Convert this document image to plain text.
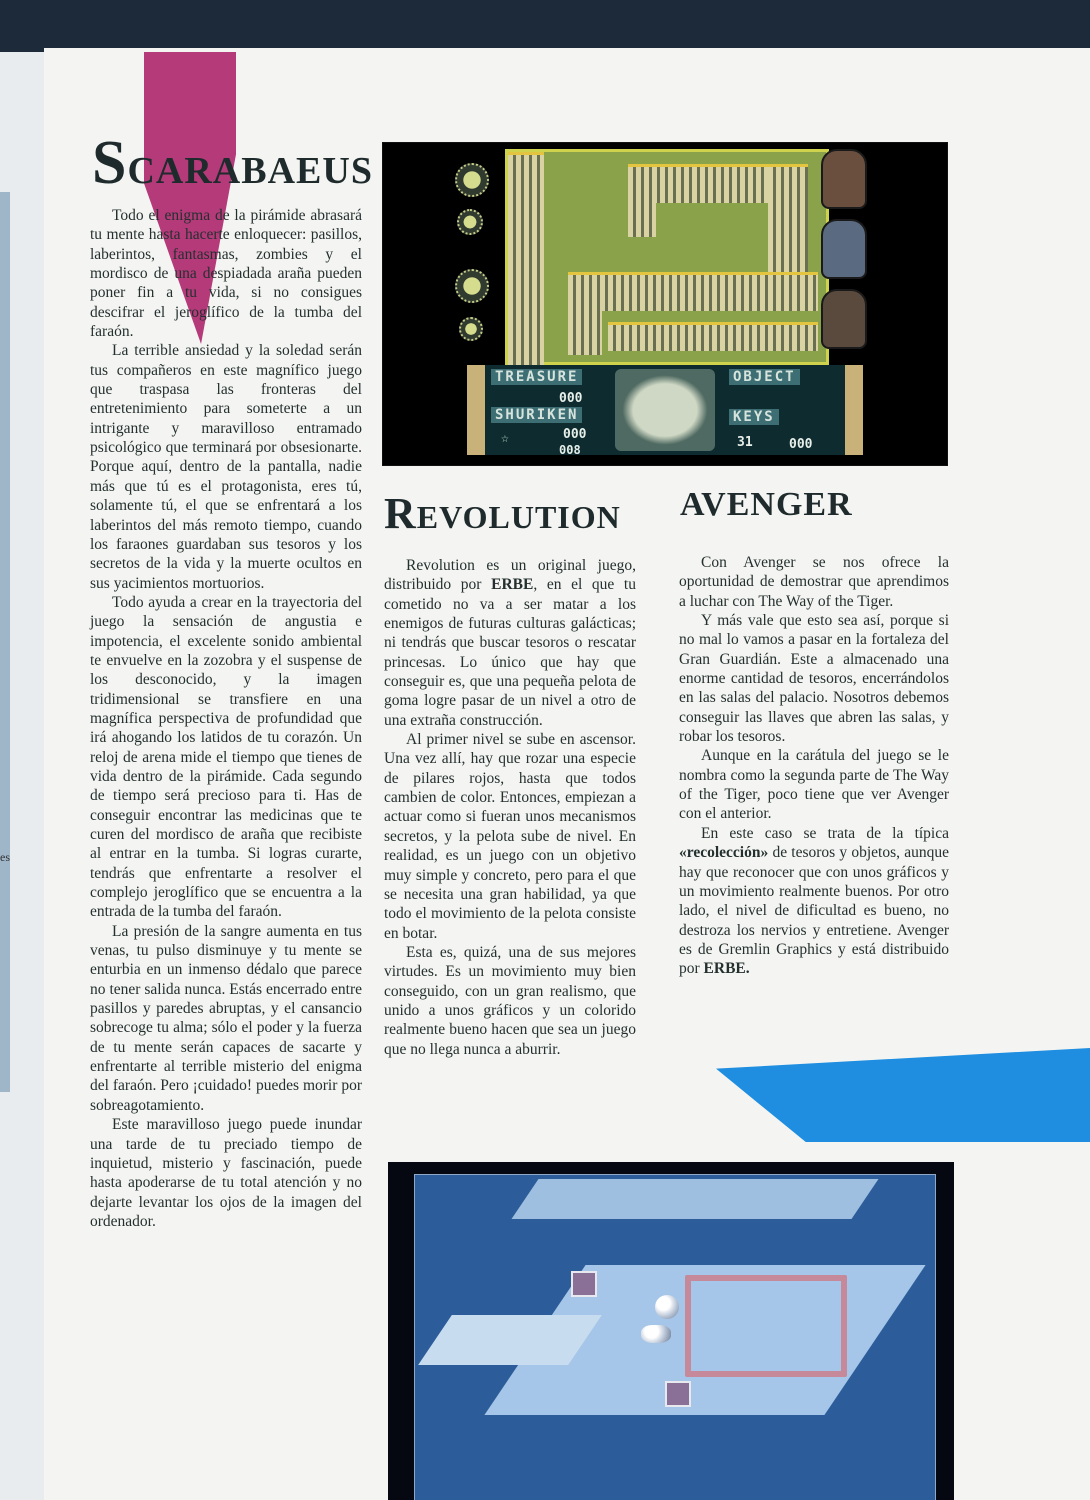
es
SCARABAEUS

Todo el enigma de la pirámide abrasará tu mente hasta hacerte enloquecer: pasillos, laberintos, fantasmas, zombies y el mordisco de una despiadada araña pueden poner fin a tu vida, si no consigues descifrar el jeroglífico de la tumba del faraón.

La terrible ansiedad y la soledad serán tus compañeros en este magnífico juego que traspasa las fronteras del entretenimiento para someterte a un intrigante y maravilloso entramado psicológico que terminará por obsesionarte. Porque aquí, dentro de la pantalla, nadie más que tú es el protagonista, eres tú, solamente tú, el que se enfrentará a los laberintos del más remoto tiempo, cuando los faraones guardaban sus tesoros y los secretos de la vida y la muerte ocultos en sus yacimientos mortuorios.

Todo ayuda a crear en la trayectoria del juego la sensación de angustia e impotencia, el excelente sonido ambiental te envuelve en la zozobra y el suspense de los desconocido, y la imagen tridimensional se transfiere en una magnífica perspectiva de profundidad que irá ahogando los latidos de tu corazón. Un reloj de arena mide el tiempo que tienes de vida dentro de la pirámide. Cada segundo de tiempo será precioso para ti. Has de conseguir encontrar las medicinas que te curen del mordisco de araña que recibiste al entrar en la tumba. Si logras curarte, tendrás que enfrentarte a resolver el complejo jeroglífico que se encuentra a la entrada de la tumba del faraón.

La presión de la sangre aumenta en tus venas, tu pulso disminuye y tu mente se enturbia en un inmenso dédalo que parece no tener salida nunca. Estás encerrado entre pasillos y paredes abruptas, y el cansancio sobrecoge tu alma; sólo el poder y la fuerza de tu mente serán capaces de sacarte y enfrentarte al terrible misterio del enigma del faraón. Pero ¡cuidado! puedes morir por sobreagotamiento.

Este maravilloso juego puede inundar una tarde de tu preciado tiempo de inquietud, misterio y fascinación, puede hasta apoderarse de tu total atención y no dejarte levantar los ojos de la imagen del ordenador.

TREASURE
000
SHURIKEN
000
☆
008
OBJECT
KEYS
31	000
REVOLUTION

Revolution es un original juego, distribuido por ERBE, en el que tu cometido no va a ser matar a los enemigos de futuras culturas galácticas; ni tendrás que buscar tesoros o rescatar princesas. Lo único que hay que conseguir es, que una pequeña pelota de goma logre pasar de un nivel a otro de una extraña construcción.

Al primer nivel se sube en ascensor. Una vez allí, hay que rozar una especie de pilares rojos, hasta que todos cambien de color. Entonces, empiezan a actuar como si fueran unos mecanismos secretos, y la pelota sube de nivel. En realidad, es un juego con un objetivo muy simple y concreto, pero para el que se necesita una gran habilidad, ya que todo el movimiento de la pelota consiste en botar.

Esta es, quizá, una de sus mejores virtudes. Es un movimiento muy bien conseguido, con un gran realismo, que unido a unos gráficos y un colorido realmente bueno hacen que sea un juego que no llega nunca a aburrir.

AVENGER

Con Avenger se nos ofrece la oportunidad de demostrar que aprendimos a luchar con The Way of the Tiger.

Y más vale que esto sea así, porque si no mal lo vamos a pasar en la fortaleza del Gran Guardián. Este a almacenado una enorme cantidad de tesoros, encerrándolos en las salas del palacio. Nosotros debemos conseguir las llaves que abren las salas, y robar los tesoros.

Aunque en la carátula del juego se le nombra como la segunda parte de The Way of the Tiger, poco tiene que ver Avenger con el anterior.

En este caso se trata de la típica «recolección» de tesoros y objetos, aunque hay que reconocer que con unos gráficos y un movimiento realmente buenos. Por otro lado, el nivel de dificultad es bueno, no destroza los nervios y entretiene. Avenger es de Gremlin Graphics y está distribuido por ERBE.
